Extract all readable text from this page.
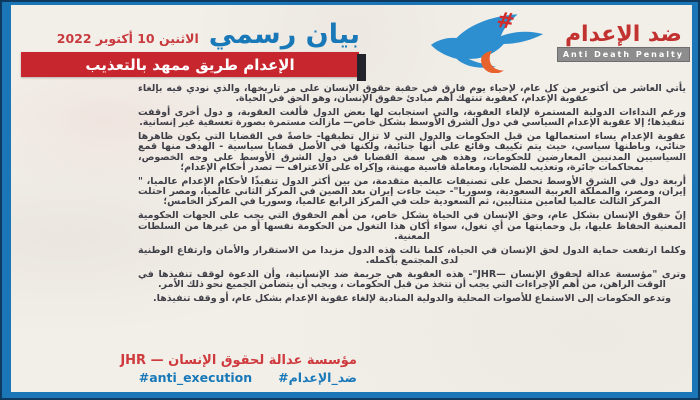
ضد الإعدام
Anti Death Penalty
#
بيان رسمي
الاثنين 10 أكتوبر 2022
الإعدام طريق ممهد بالتعذيب

يأتي العاشر من أكتوبر من كل عام، لإحياء يوم فارق في حقبة حقوق الإنسان على مر تاريخها، والذي نودي فيه بإلغاء عقوبة الإعدام، كعقوبة تنتهك أهم مبادئ حقوق الإنسان، وهو الحق في الحياة.

ورغم النداءات الدولية المستمرة لإلغاء العقوبة، والتي استجابت لها بعض الدول فألغت العقوبة، و دول أخرى أوقفت تنفيذها؛ إلا عقوبة الإعدام السياسي في دول الشرق الأوسط بشكل خاص— مازالت مستمرة بصورة تعسفية غير إنسانية.

عقوبة الإعدام يساء استعمالها من قبل الحكومات والدول التي لا تزال تطبقها- خاصةً في القضايا التي يكون ظاهرها جنائي، وباطنها سياسي، حيث يتم تكييف وقائع على أنها جنائية، ولكنها في الأصل قضايا سياسية - الهدف منها قمع السياسيين المدنيين المعارضين للحكومات، وهذه هي سمة القضايا في دول الشرق الأوسط على وجه الخصوص، بمحاكمات جائرة، وتعذيب للضحايا، ومعاملة قاسية مهينة، وإكراه على الاعتراف — تصدر أحكام الإعدام؛

أربعة دول في الشرق الأوسط تحصل على تصنيفات عالمية متقدمة، من بين أكثر الدول تنفيذًا لأحكام الإعدام عالميا، " إيران، ومصر، والمملكة العربية السعودية، وسوريا"- حيث جاءت إيران بعد الصين في المركز الثاني عالميا، ومصر احتلت المركز الثالث عالميا لعامين متتاليين، ثم السعودية حلت في المركز الرابع عالميا، وسوريا في المركز الخامس؛

إنّ حقوق الإنسان بشكل عام، وحق الإنسان في الحياة بشكل خاص، من أهم الحقوق التي يجب على الجهات الحكومية المعنية الحفاظ عليها، بل وحمايتها من أي تغول، سواء أكان هذا التغول من الحكومة نفسها أو من غيرها من السلطات المعنية.

وكلما ارتفعت حماية الدول لحق الإنسان في الحياة، كلما نالت هذه الدول مزيدا من الاستقرار والأمان وارتفاع الوطنية لدى المجتمع بأكمله.

وترى "مؤسسة عدالة لحقوق الإنسان —JHR"- هذه العقوبة هي جريمة ضد الإنسانية، وأن الدعوة لوقف تنفيذها في الوقت الراهن، من أهم الإجراءات التي يجب أن تتخذ من قبل الحكومات ، ويجب أن يتضامن الجميع نحو ذلك الأمر.

وتدعو الحكومات إلى الاستماع للأصوات المحلية والدولية المنادية لإلغاء عقوبة الإعدام بشكل عام، أو وقف تنفيذها.

مؤسسة عدالة لحقوق الإنسان — JHR
#ضد_الإعدام
#anti_execution
